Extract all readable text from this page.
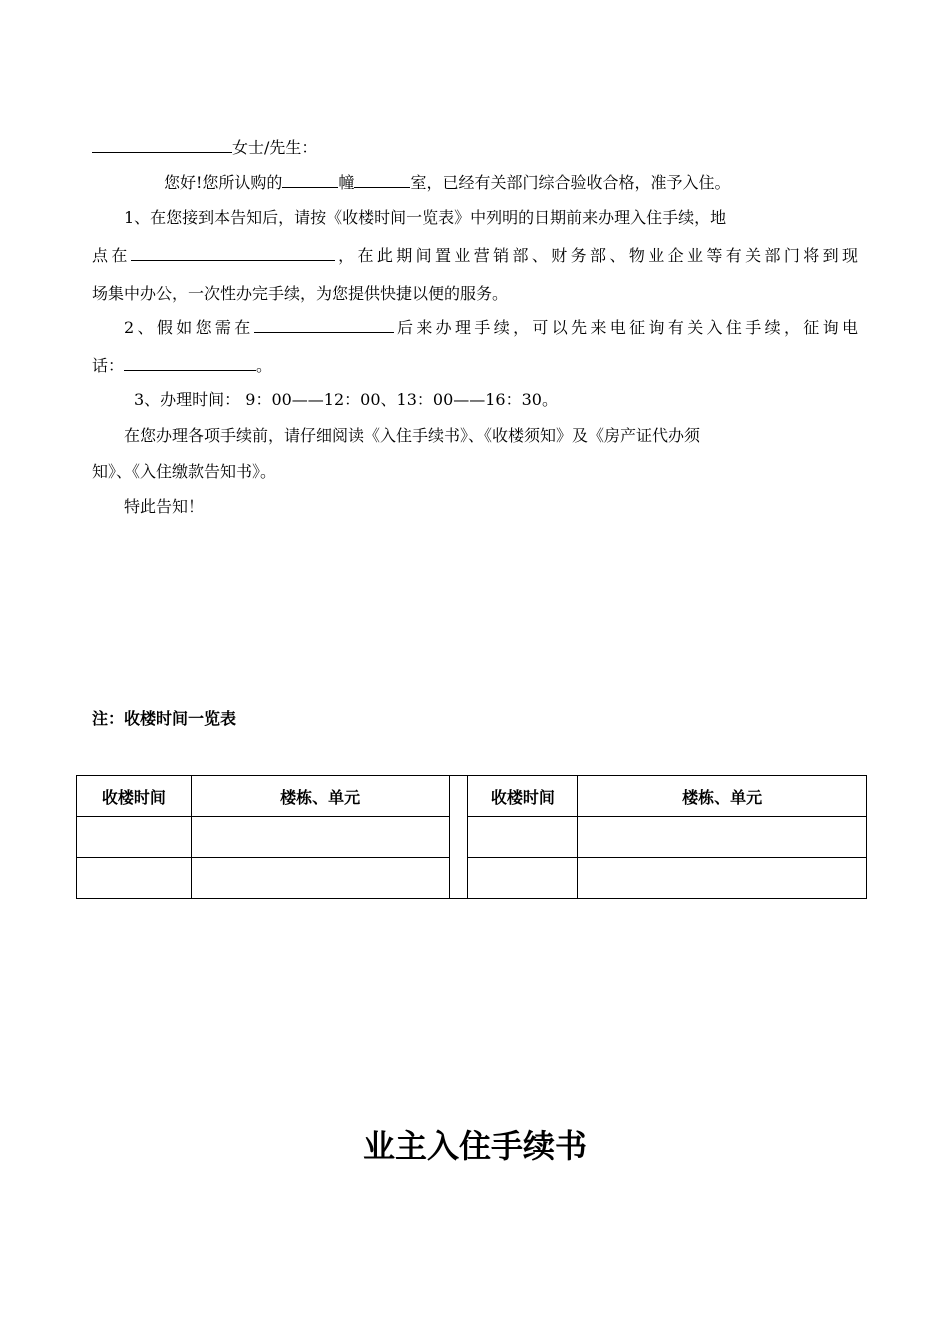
女士/先生：
您好!您所认购的	幢	室，已经有关部门综合验收合格，准予入住。
1、在您接到本告知后，请按《收楼时间一览表》中列明的日期前来办理入住手续，地
点在	，在此期间置业营销部、财务部、物业企业等有关部门将到现
场集中办公，一次性办完手续，为您提供快捷以便的服务。
2、假如您需在	后来办理手续，可以先来电征询有关入住手续，征询电
话：	。
3、办理时间： 9：00——12：00、13：00——16：30。
在您办理各项手续前，请仔细阅读《入住手续书》、《收楼须知》及《房产证代办须
知》、《入住缴款告知书》。
特此告知！
注：收楼时间一览表
收楼时间	楼栋、单元		收楼时间	楼栋、单元

业主入住手续书
